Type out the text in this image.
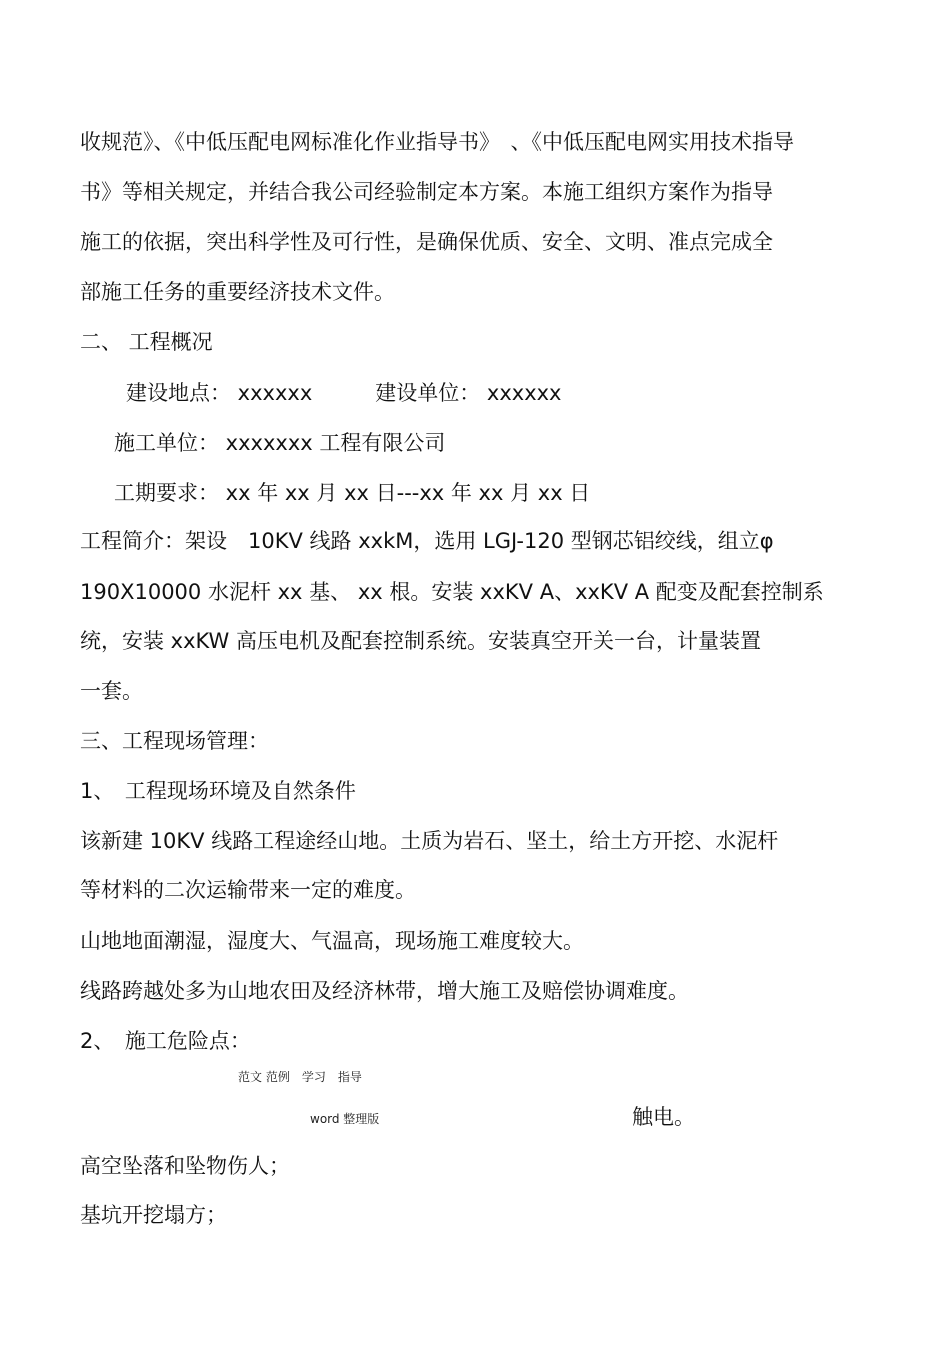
收规范》、《中低压配电网标准化作业指导书》　、《中低压配电网实用技术指导
书》等相关规定，并结合我公司经验制定本方案。本施工组织方案作为指导
施工的依据，突出科学性及可行性，是确保优质、安全、文明、准点完成全
部施工任务的重要经济技术文件。
二、 工程概况
建设地点： xxxxxx　　　建设单位： xxxxxx
施工单位： xxxxxxx 工程有限公司
工期要求： xx 年 xx 月 xx 日---xx 年 xx 月 xx 日
工程简介：架设　10KV 线路 xxkM，选用 LGJ-120 型钢芯铝绞线，组立φ
190X10000 水泥杆 xx 基、 xx 根。安装 xxKV A、xxKV A 配变及配套控制系
统，安装 xxKW 高压电机及配套控制系统。安装真空开关一台，计量装置
一套。
三、工程现场管理：
1、　工程现场环境及自然条件
该新建 10KV 线路工程途经山地。土质为岩石、坚土，给土方开挖、水泥杆
等材料的二次运输带来一定的难度。
山地地面潮湿，湿度大、气温高，现场施工难度较大。
线路跨越处多为山地农田及经济林带，增大施工及赔偿协调难度。
2、　施工危险点：
范文 范例　学习　指导
word 整理版	触电。
高空坠落和坠物伤人；
基坑开挖塌方；
